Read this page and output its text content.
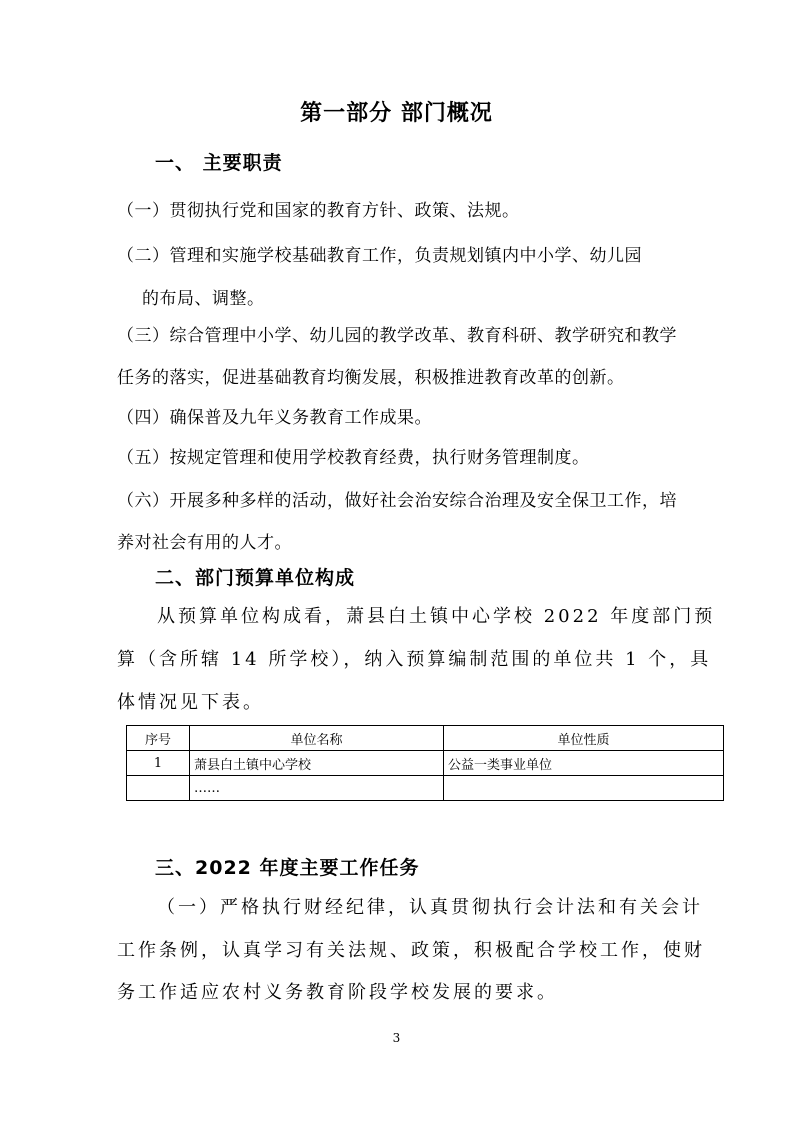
第一部分 部门概况
一、 主要职责
（一）贯彻执行党和国家的教育方针、政策、法规。
（二）管理和实施学校基础教育工作，负责规划镇内中小学、幼儿园
的布局、调整。
（三）综合管理中小学、幼儿园的教学改革、教育科研、教学研究和教学
任务的落实，促进基础教育均衡发展，积极推进教育改革的创新。
（四）确保普及九年义务教育工作成果。
（五）按规定管理和使用学校教育经费，执行财务管理制度。
（六）开展多种多样的活动，做好社会治安综合治理及安全保卫工作，培
养对社会有用的人才。
二、部门预算单位构成
从预算单位构成看，萧县白土镇中心学校 2022 年度部门预
算（含所辖 14 所学校），纳入预算编制范围的单位共 1 个，具
体情况见下表。
序号	单位名称	单位性质
1	萧县白土镇中心学校	公益一类事业单位
	……	
三、2022 年度主要工作任务
（一）严格执行财经纪律，认真贯彻执行会计法和有关会计
工作条例，认真学习有关法规、政策，积极配合学校工作，使财
务工作适应农村义务教育阶段学校发展的要求。
3
